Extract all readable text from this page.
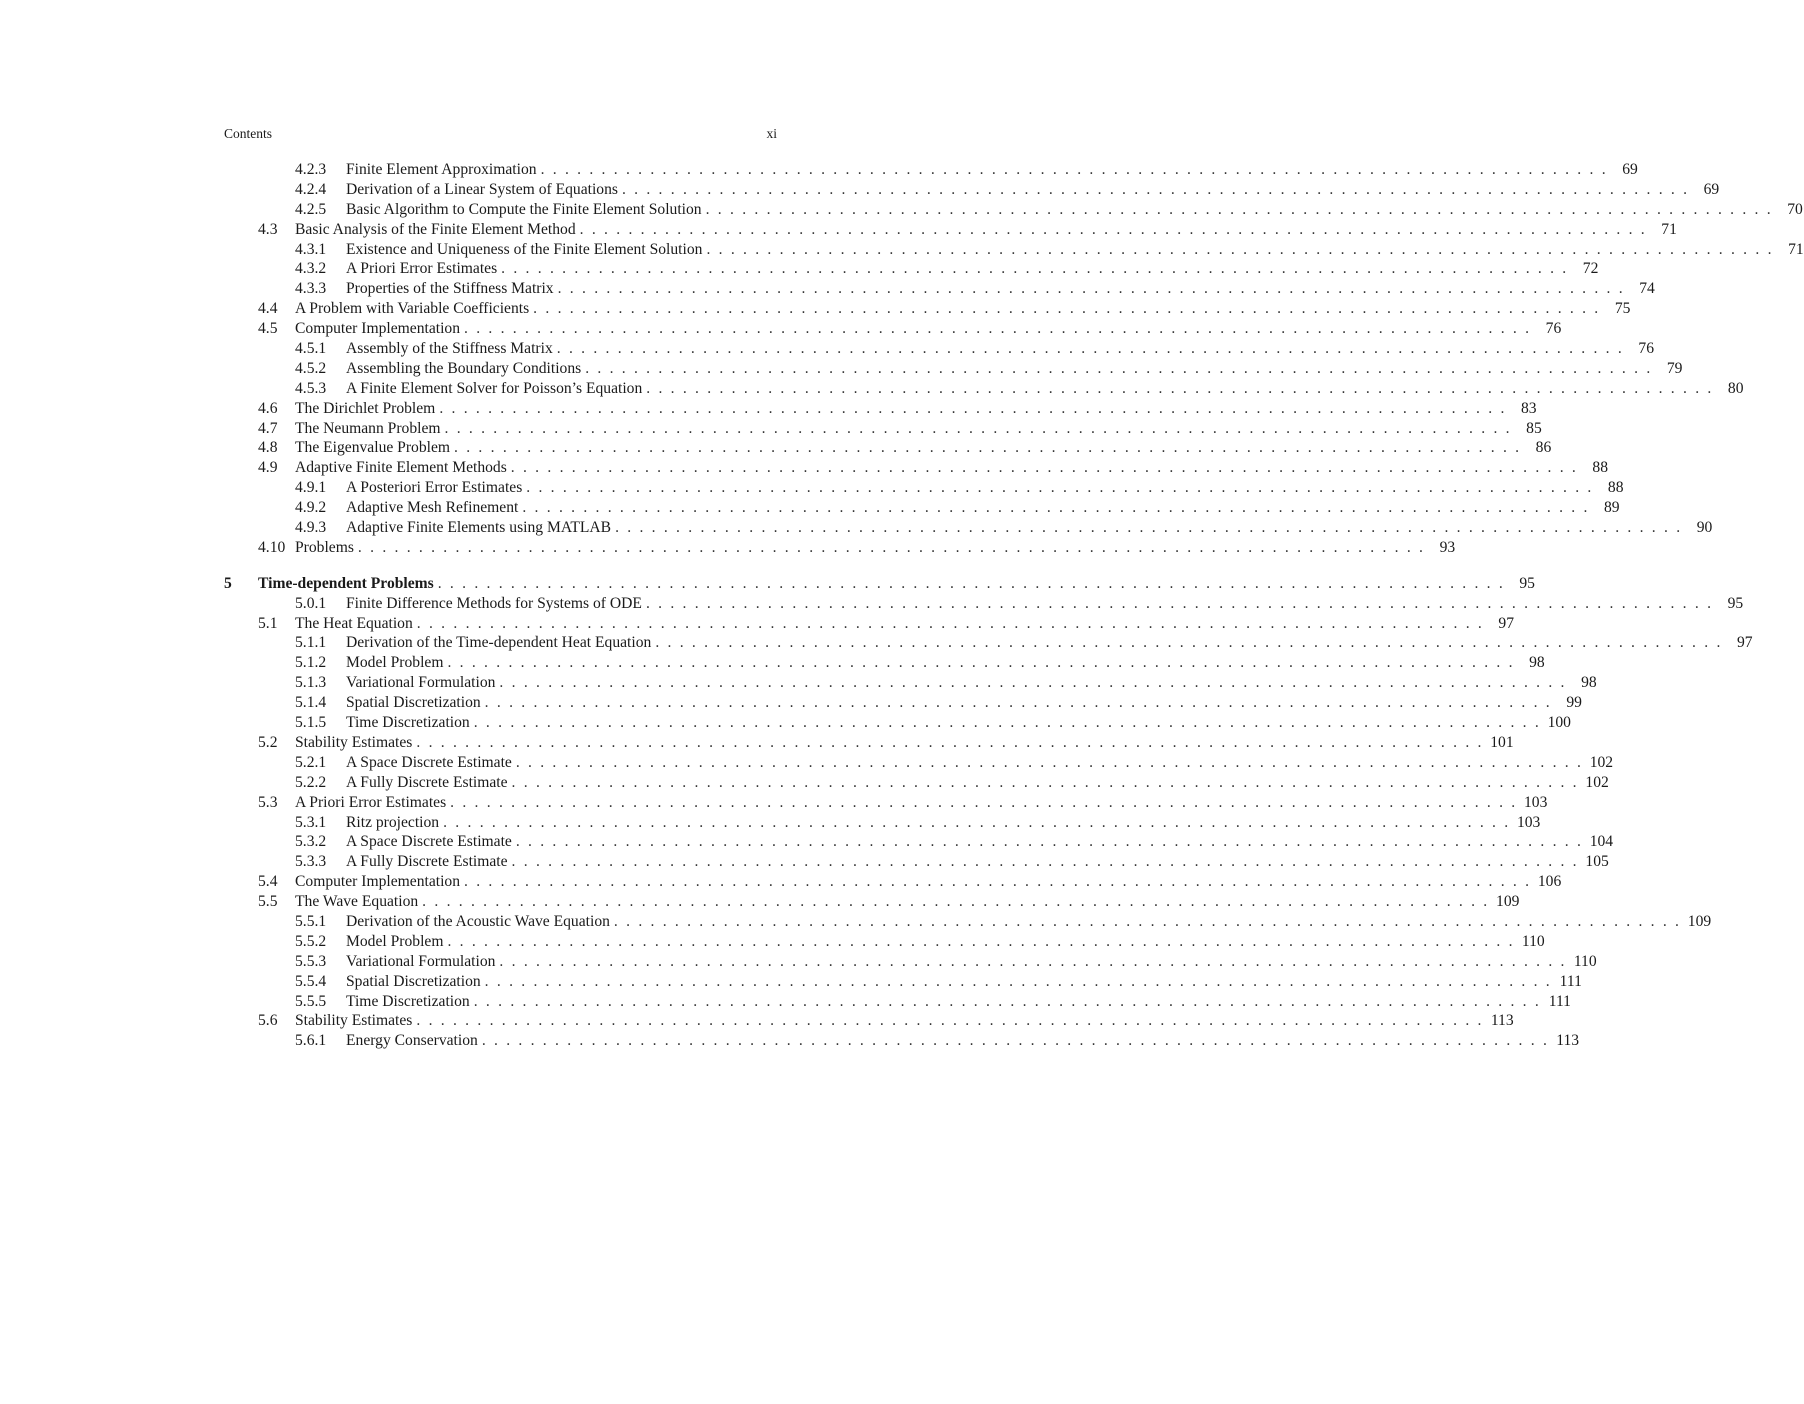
Contents	xi
4.2.3 Finite Element Approximation . . . . . . . . . . . . . . . . . . . . . . . . . . . . . . . . . . . . . . . . . . . . . . . . . . . . . . . . . . . . . . . . . . . . . . . . . . . . . . . . . . . . . . . . 69
4.2.4 Derivation of a Linear System of Equations . . . . . . . . . . . . . . . . . . . . . . . . . . . . . . . . . . . . . . . . . . . . . . . . . . . . . . . . . . . . . . . . . . . . . . . . . . . . . . . . . . . . . . . . 69
4.2.5 Basic Algorithm to Compute the Finite Element Solution . . . . . . . . . . . . . . . . . . . . . . . . . . . . . . . . . . . . . . . . . . . . . . . . . . . . . . . . . . . . . . . . . . . . . . . . . . . . . . . . . . . . . . . . 70
4.3 Basic Analysis of the Finite Element Method . . . . . . . . . . . . . . . . . . . . . . . . . . . . . . . . . . . . . . . . . . . . . . . . . . . . . . . . . . . . . . . . . . . . . . . . . . . . . . . . . . . . . . . . 71
4.3.1 Existence and Uniqueness of the Finite Element Solution . . . . . . . . . . . . . . . . . . . . . . . . . . . . . . . . . . . . . . . . . . . . . . . . . . . . . . . . . . . . . . . . . . . . . . . . . . . . . . . . . . . . . . . . 71
4.3.2 A Priori Error Estimates . . . . . . . . . . . . . . . . . . . . . . . . . . . . . . . . . . . . . . . . . . . . . . . . . . . . . . . . . . . . . . . . . . . . . . . . . . . . . . . . . . . . . . . . 72
4.3.3 Properties of the Stiffness Matrix . . . . . . . . . . . . . . . . . . . . . . . . . . . . . . . . . . . . . . . . . . . . . . . . . . . . . . . . . . . . . . . . . . . . . . . . . . . . . . . . . . . . . . . . 74
4.4 A Problem with Variable Coefficients . . . . . . . . . . . . . . . . . . . . . . . . . . . . . . . . . . . . . . . . . . . . . . . . . . . . . . . . . . . . . . . . . . . . . . . . . . . . . . . . . . . . . . . . 75
4.5 Computer Implementation . . . . . . . . . . . . . . . . . . . . . . . . . . . . . . . . . . . . . . . . . . . . . . . . . . . . . . . . . . . . . . . . . . . . . . . . . . . . . . . . . . . . . . . . 76
4.5.1 Assembly of the Stiffness Matrix . . . . . . . . . . . . . . . . . . . . . . . . . . . . . . . . . . . . . . . . . . . . . . . . . . . . . . . . . . . . . . . . . . . . . . . . . . . . . . . . . . . . . . . . 76
4.5.2 Assembling the Boundary Conditions . . . . . . . . . . . . . . . . . . . . . . . . . . . . . . . . . . . . . . . . . . . . . . . . . . . . . . . . . . . . . . . . . . . . . . . . . . . . . . . . . . . . . . . . 79
4.5.3 A Finite Element Solver for Poisson’s Equation . . . . . . . . . . . . . . . . . . . . . . . . . . . . . . . . . . . . . . . . . . . . . . . . . . . . . . . . . . . . . . . . . . . . . . . . . . . . . . . . . . . . . . . . 80
4.6 The Dirichlet Problem . . . . . . . . . . . . . . . . . . . . . . . . . . . . . . . . . . . . . . . . . . . . . . . . . . . . . . . . . . . . . . . . . . . . . . . . . . . . . . . . . . . . . . . . 83
4.7 The Neumann Problem . . . . . . . . . . . . . . . . . . . . . . . . . . . . . . . . . . . . . . . . . . . . . . . . . . . . . . . . . . . . . . . . . . . . . . . . . . . . . . . . . . . . . . . . 85
4.8 The Eigenvalue Problem . . . . . . . . . . . . . . . . . . . . . . . . . . . . . . . . . . . . . . . . . . . . . . . . . . . . . . . . . . . . . . . . . . . . . . . . . . . . . . . . . . . . . . . . 86
4.9 Adaptive Finite Element Methods . . . . . . . . . . . . . . . . . . . . . . . . . . . . . . . . . . . . . . . . . . . . . . . . . . . . . . . . . . . . . . . . . . . . . . . . . . . . . . . . . . . . . . . . 88
4.9.1 A Posteriori Error Estimates . . . . . . . . . . . . . . . . . . . . . . . . . . . . . . . . . . . . . . . . . . . . . . . . . . . . . . . . . . . . . . . . . . . . . . . . . . . . . . . . . . . . . . . . 88
4.9.2 Adaptive Mesh Refinement . . . . . . . . . . . . . . . . . . . . . . . . . . . . . . . . . . . . . . . . . . . . . . . . . . . . . . . . . . . . . . . . . . . . . . . . . . . . . . . . . . . . . . . . 89
4.9.3 Adaptive Finite Elements using MATLAB . . . . . . . . . . . . . . . . . . . . . . . . . . . . . . . . . . . . . . . . . . . . . . . . . . . . . . . . . . . . . . . . . . . . . . . . . . . . . . . . . . . . . . . . 90
4.10 Problems . . . . . . . . . . . . . . . . . . . . . . . . . . . . . . . . . . . . . . . . . . . . . . . . . . . . . . . . . . . . . . . . . . . . . . . . . . . . . . . . . . . . . . . . 93
5 Time-dependent Problems . . . . . . . . . . . . . . . . . . . . . . . . . . . . . . . . . . . . . . . . . . . . . . . . . . . . . . . . . . . . . . . . . . . . . . . . . . . . . . . . . . . . . . . . 95
5.0.1 Finite Difference Methods for Systems of ODE . . . . . . . . . . . . . . . . . . . . . . . . . . . . . . . . . . . . . . . . . . . . . . . . . . . . . . . . . . . . . . . . . . . . . . . . . . . . . . . . . . . . . . . . 95
5.1 The Heat Equation . . . . . . . . . . . . . . . . . . . . . . . . . . . . . . . . . . . . . . . . . . . . . . . . . . . . . . . . . . . . . . . . . . . . . . . . . . . . . . . . . . . . . . . . 97
5.1.1 Derivation of the Time-dependent Heat Equation . . . . . . . . . . . . . . . . . . . . . . . . . . . . . . . . . . . . . . . . . . . . . . . . . . . . . . . . . . . . . . . . . . . . . . . . . . . . . . . . . . . . . . . . 97
5.1.2 Model Problem . . . . . . . . . . . . . . . . . . . . . . . . . . . . . . . . . . . . . . . . . . . . . . . . . . . . . . . . . . . . . . . . . . . . . . . . . . . . . . . . . . . . . . . . 98
5.1.3 Variational Formulation . . . . . . . . . . . . . . . . . . . . . . . . . . . . . . . . . . . . . . . . . . . . . . . . . . . . . . . . . . . . . . . . . . . . . . . . . . . . . . . . . . . . . . . . 98
5.1.4 Spatial Discretization . . . . . . . . . . . . . . . . . . . . . . . . . . . . . . . . . . . . . . . . . . . . . . . . . . . . . . . . . . . . . . . . . . . . . . . . . . . . . . . . . . . . . . . . 99
5.1.5 Time Discretization . . . . . . . . . . . . . . . . . . . . . . . . . . . . . . . . . . . . . . . . . . . . . . . . . . . . . . . . . . . . . . . . . . . . . . . . . . . . . . . . . . . . . . . . 100
5.2 Stability Estimates . . . . . . . . . . . . . . . . . . . . . . . . . . . . . . . . . . . . . . . . . . . . . . . . . . . . . . . . . . . . . . . . . . . . . . . . . . . . . . . . . . . . . . . . 101
5.2.1 A Space Discrete Estimate . . . . . . . . . . . . . . . . . . . . . . . . . . . . . . . . . . . . . . . . . . . . . . . . . . . . . . . . . . . . . . . . . . . . . . . . . . . . . . . . . . . . . . . . 102
5.2.2 A Fully Discrete Estimate . . . . . . . . . . . . . . . . . . . . . . . . . . . . . . . . . . . . . . . . . . . . . . . . . . . . . . . . . . . . . . . . . . . . . . . . . . . . . . . . . . . . . . . . 102
5.3 A Priori Error Estimates . . . . . . . . . . . . . . . . . . . . . . . . . . . . . . . . . . . . . . . . . . . . . . . . . . . . . . . . . . . . . . . . . . . . . . . . . . . . . . . . . . . . . . . . 103
5.3.1 Ritz projection . . . . . . . . . . . . . . . . . . . . . . . . . . . . . . . . . . . . . . . . . . . . . . . . . . . . . . . . . . . . . . . . . . . . . . . . . . . . . . . . . . . . . . . . 103
5.3.2 A Space Discrete Estimate . . . . . . . . . . . . . . . . . . . . . . . . . . . . . . . . . . . . . . . . . . . . . . . . . . . . . . . . . . . . . . . . . . . . . . . . . . . . . . . . . . . . . . . . 104
5.3.3 A Fully Discrete Estimate . . . . . . . . . . . . . . . . . . . . . . . . . . . . . . . . . . . . . . . . . . . . . . . . . . . . . . . . . . . . . . . . . . . . . . . . . . . . . . . . . . . . . . . . 105
5.4 Computer Implementation . . . . . . . . . . . . . . . . . . . . . . . . . . . . . . . . . . . . . . . . . . . . . . . . . . . . . . . . . . . . . . . . . . . . . . . . . . . . . . . . . . . . . . . . 106
5.5 The Wave Equation . . . . . . . . . . . . . . . . . . . . . . . . . . . . . . . . . . . . . . . . . . . . . . . . . . . . . . . . . . . . . . . . . . . . . . . . . . . . . . . . . . . . . . . . 109
5.5.1 Derivation of the Acoustic Wave Equation . . . . . . . . . . . . . . . . . . . . . . . . . . . . . . . . . . . . . . . . . . . . . . . . . . . . . . . . . . . . . . . . . . . . . . . . . . . . . . . . . . . . . . . . 109
5.5.2 Model Problem . . . . . . . . . . . . . . . . . . . . . . . . . . . . . . . . . . . . . . . . . . . . . . . . . . . . . . . . . . . . . . . . . . . . . . . . . . . . . . . . . . . . . . . . 110
5.5.3 Variational Formulation . . . . . . . . . . . . . . . . . . . . . . . . . . . . . . . . . . . . . . . . . . . . . . . . . . . . . . . . . . . . . . . . . . . . . . . . . . . . . . . . . . . . . . . . 110
5.5.4 Spatial Discretization . . . . . . . . . . . . . . . . . . . . . . . . . . . . . . . . . . . . . . . . . . . . . . . . . . . . . . . . . . . . . . . . . . . . . . . . . . . . . . . . . . . . . . . . 111
5.5.5 Time Discretization . . . . . . . . . . . . . . . . . . . . . . . . . . . . . . . . . . . . . . . . . . . . . . . . . . . . . . . . . . . . . . . . . . . . . . . . . . . . . . . . . . . . . . . . 111
5.6 Stability Estimates . . . . . . . . . . . . . . . . . . . . . . . . . . . . . . . . . . . . . . . . . . . . . . . . . . . . . . . . . . . . . . . . . . . . . . . . . . . . . . . . . . . . . . . . 113
5.6.1 Energy Conservation . . . . . . . . . . . . . . . . . . . . . . . . . . . . . . . . . . . . . . . . . . . . . . . . . . . . . . . . . . . . . . . . . . . . . . . . . . . . . . . . . . . . . . . . 113
